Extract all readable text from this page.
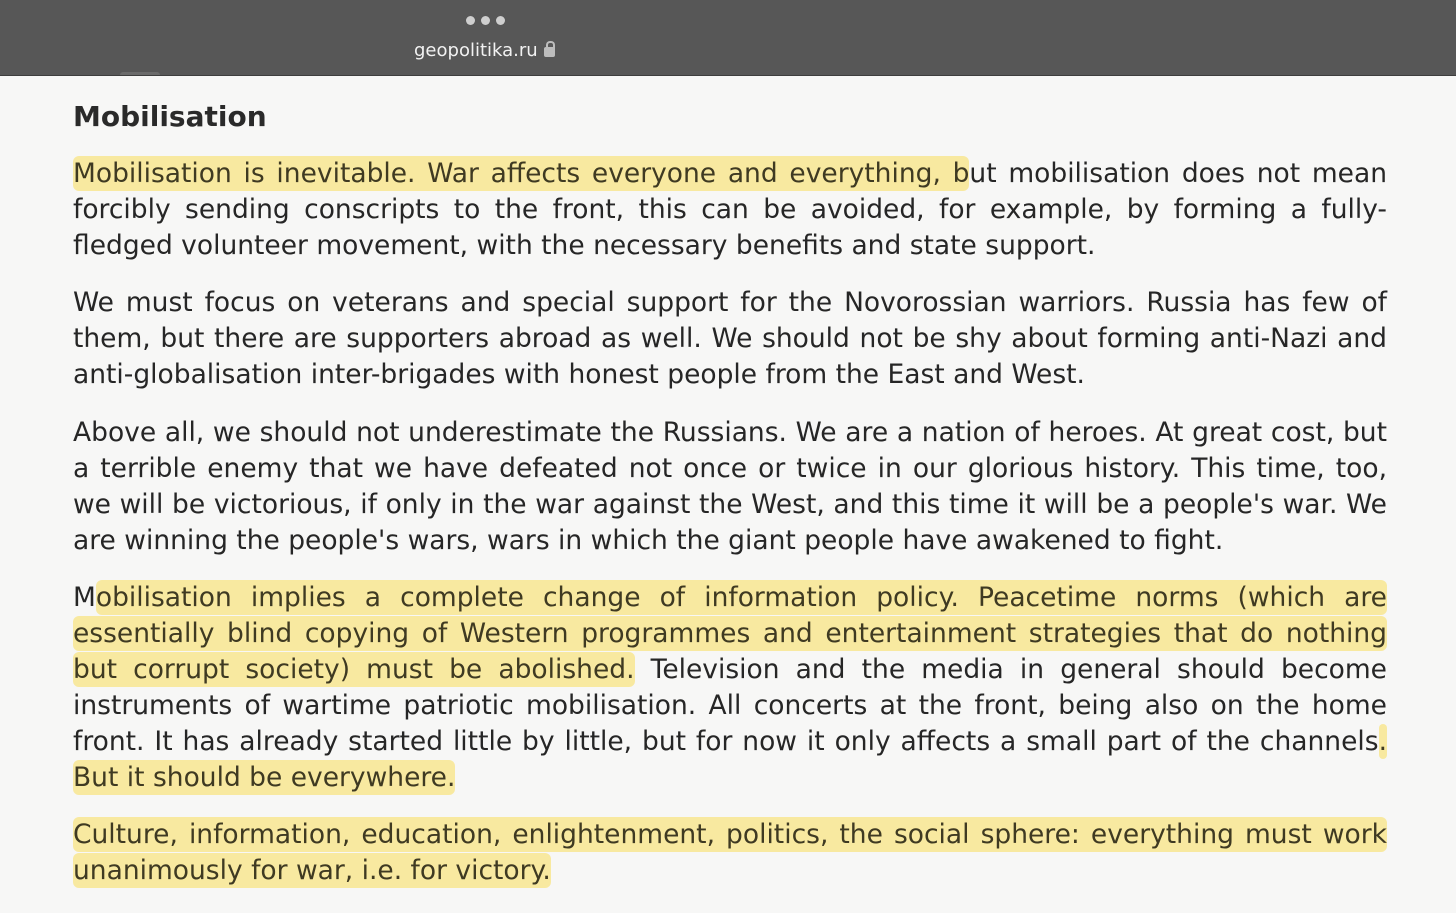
geopolitika.ru
Mobilisation

Mobilisation is inevitable. War affects everyone and everything, but mobilisation does not mean forcibly sending conscripts to the front, this can be avoided, for example, by forming a fully-fledged volunteer movement, with the necessary benefits and state support.

We must focus on veterans and special support for the Novorossian warriors. Russia has few of them, but there are supporters abroad as well. We should not be shy about forming anti-Nazi and anti-globalisation inter-brigades with honest people from the East and West.

Above all, we should not underestimate the Russians. We are a nation of heroes. At great cost, but a terrible enemy that we have defeated not once or twice in our glorious history. This time, too, we will be victorious, if only in the war against the West, and this time it will be a people's war. We are winning the people's wars, wars in which the giant people have awakened to fight.

Mobilisation implies a complete change of information policy. Peacetime norms (which are essentially blind copying of Western programmes and entertainment strategies that do nothing but corrupt society) must be abolished. Television and the media in general should become instruments of wartime patriotic mobilisation. All concerts at the front, being also on the home front. It has already started little by little, but for now it only affects a small part of the channels. But it should be everywhere.

Culture, information, education, enlightenment, politics, the social sphere: everything must work unanimously for war, i.e. for victory.
